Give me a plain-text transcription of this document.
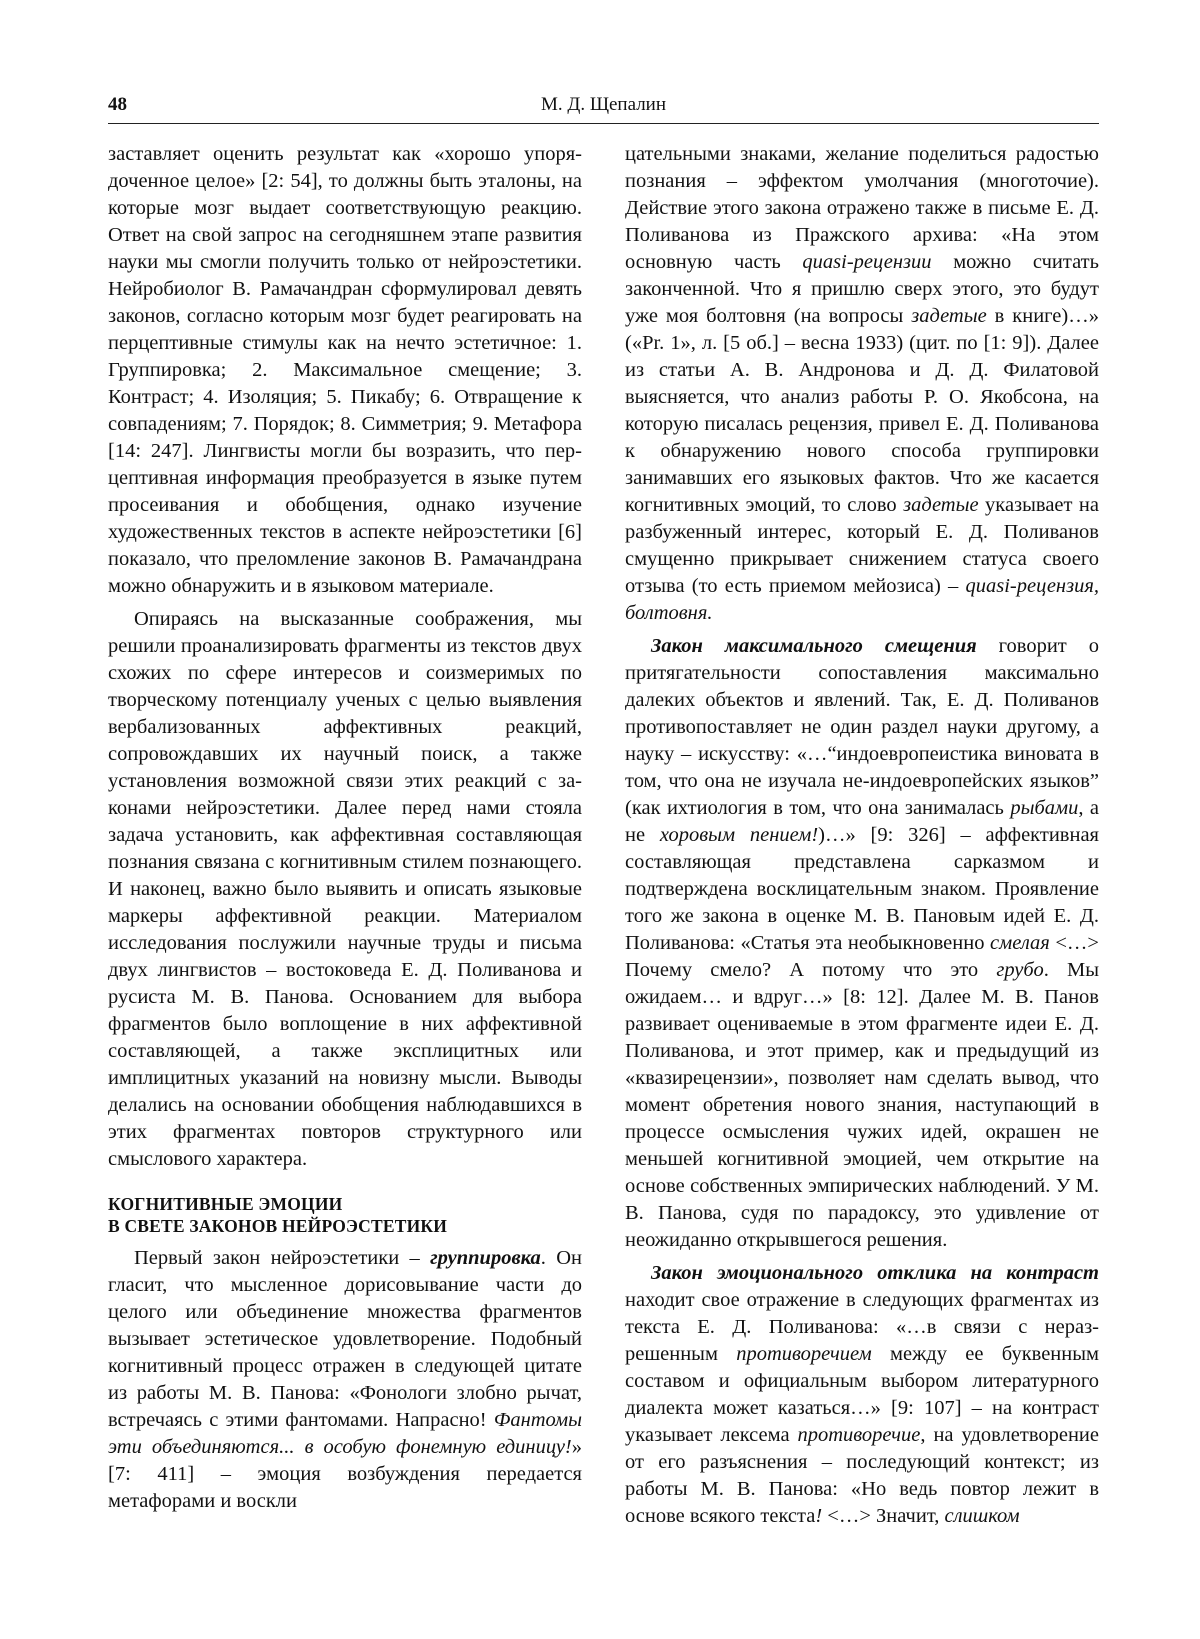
48	М. Д. Щепалин

заставляет оценить результат как «хорошо упорядоченное целое» [2: 54], то должны быть эталоны, на которые мозг выдает соответствующую реакцию. Ответ на свой запрос на сегодняшнем этапе развития науки мы смогли получить только от нейроэстетики. Нейробиолог В. Рамачандран сформулировал девять законов, согласно которым мозг будет реагировать на перцептивные стимулы как на нечто эстетичное: 1. Группировка; 2. Максимальное смещение; 3. Контраст; 4. Изоляция; 5. Пикабу; 6. Отвращение к совпадениям; 7. Порядок; 8. Симметрия; 9. Метафора [14: 247]. Лингвисты могли бы возразить, что перцептивная информация преобразуется в языке путем просеивания и обобщения, однако изучение художественных текстов в аспекте нейроэстетики [6] показало, что преломление законов В. Рамачандрана можно обнаружить и в языковом материале.

Опираясь на высказанные соображения, мы решили проанализировать фрагменты из текстов двух схожих по сфере интересов и соизмеримых по творческому потенциалу ученых с целью выявления вербализованных аффективных реакций, сопровождавших их научный поиск, а также установления возможной связи этих реакций с законами нейроэстетики. Далее перед нами стояла задача установить, как аффективная составляющая познания связана с когнитивным стилем познающего. И наконец, важно было выявить и описать языковые маркеры аффективной реакции. Материалом исследования послужили научные труды и письма двух лингвистов – востоковеда Е. Д. Поливанова и русиста М. В. Панова. Основанием для выбора фрагментов было воплощение в них аффективной составляющей, а также эксплицитных или имплицитных указаний на новизну мысли. Выводы делались на основании обобщения наблюдавшихся в этих фрагментах повторов структурного или смыслового характера.

КОГНИТИВНЫЕ ЭМОЦИИ
В СВЕТЕ ЗАКОНОВ НЕЙРОЭСТЕТИКИ

Первый закон нейроэстетики – группировка. Он гласит, что мысленное дорисовывание части до целого или объединение множества фрагментов вызывает эстетическое удовлетворение. Подобный когнитивный процесс отражен в следующей цитате из работы М. В. Панова: «Фонологи злобно рычат, встречаясь с этими фантомами. Напрасно! Фантомы эти объединяются... в особую фонемную единицу!» [7: 411] – эмоция возбуждения передается метафорами и воскли

цательными знаками, желание поделиться радостью познания – эффектом умолчания (многоточие). Действие этого закона отражено также в письме Е. Д. Поливанова из Пражского архива: «На этом основную часть quasi-рецензии можно считать законченной. Что я пришлю сверх этого, это будут уже моя болтовня (на вопросы задетые в книге)…» («Pr. 1», л. [5 об.] – весна 1933) (цит. по [1: 9]). Далее из статьи А. В. Андронова и Д. Д. Филатовой выясняется, что анализ работы Р. О. Якобсона, на которую писалась рецензия, привел Е. Д. Поливанова к обнаружению нового способа группировки занимавших его языковых фактов. Что же касается когнитивных эмоций, то слово задетые указывает на разбуженный интерес, который Е. Д. Поливанов смущенно прикрывает снижением статуса своего отзыва (то есть приемом мейозиса) – quasi-рецензия, болтовня.

Закон максимального смещения говорит о притягательности сопоставления максимально далеких объектов и явлений. Так, Е. Д. Поливанов противопоставляет не один раздел науки другому, а науку – искусству: «…“индоевропеистика виновата в том, что она не изучала не-индоевропейских языков” (как ихтиология в том, что она занималась рыбами, а не хоровым пением!)…» [9: 326] – аффективная составляющая представлена сарказмом и подтверждена восклицательным знаком. Проявление того же закона в оценке М. В. Пановым идей Е. Д. Поливанова: «Статья эта необыкновенно смелая <…> Почему смело? А потому что это грубо. Мы ожидаем… и вдруг…» [8: 12]. Далее М. В. Панов развивает оцениваемые в этом фрагменте идеи Е. Д. Поливанова, и этот пример, как и предыдущий из «квазирецензии», позволяет нам сделать вывод, что момент обретения нового знания, наступающий в процессе осмысления чужих идей, окрашен не меньшей когнитивной эмоцией, чем открытие на основе собственных эмпирических наблюдений. У М. В. Панова, судя по парадоксу, это удивление от неожиданно открывшегося решения.

Закон эмоционального отклика на контраст находит свое отражение в следующих фрагментах из текста Е. Д. Поливанова: «…в связи с неразрешенным противоречием между ее буквенным составом и официальным выбором литературного диалекта может казаться…» [9: 107] – на контраст указывает лексема противоречие, на удовлетворение от его разъяснения – последующий контекст; из работы М. В. Панова: «Но ведь повтор лежит в основе всякого текста! <…> Значит, слишком
